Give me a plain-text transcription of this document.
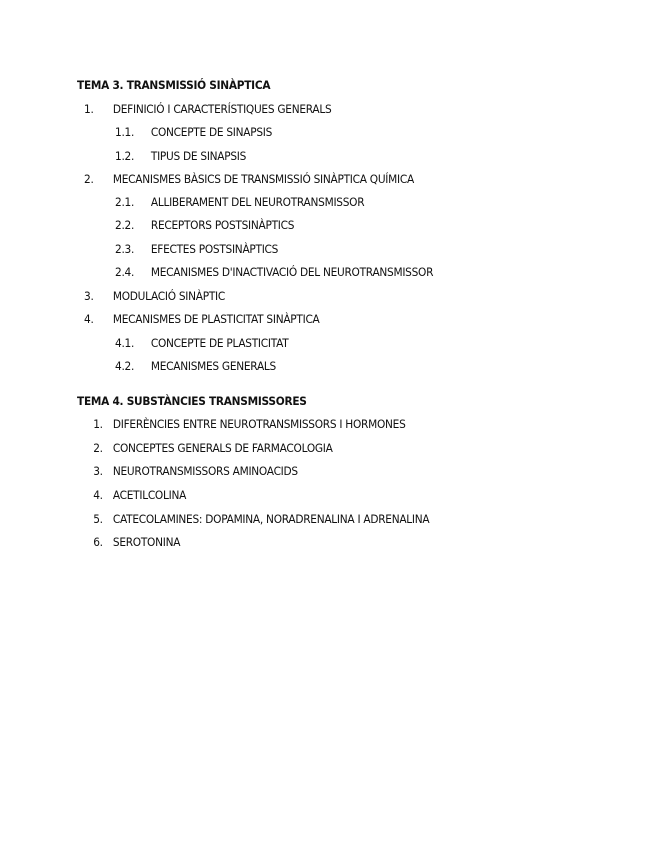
TEMA 3. TRANSMISSIÓ SINÀPTICA
1. DEFINICIÓ I CARACTERÍSTIQUES GENERALS
1.1. CONCEPTE DE SINAPSIS
1.2. TIPUS DE SINAPSIS
2. MECANISMES BÀSICS DE TRANSMISSIÓ SINÀPTICA QUÍMICA
2.1. ALLIBERAMENT DEL NEUROTRANSMISSOR
2.2. RECEPTORS POSTSINÀPTICS
2.3. EFECTES POSTSINÀPTICS
2.4. MECANISMES D'INACTIVACIÓ DEL NEUROTRANSMISSOR
3. MODULACIÓ SINÀPTIC
4. MECANISMES DE PLASTICITAT SINÀPTICA
4.1. CONCEPTE DE PLASTICITAT
4.2. MECANISMES GENERALS
TEMA 4. SUBSTÀNCIES TRANSMISSORES
1. DIFERÈNCIES ENTRE NEUROTRANSMISSORS I HORMONES
2. CONCEPTES GENERALS DE FARMACOLOGIA
3. NEUROTRANSMISSORS AMINOACIDS
4. ACETILCOLINA
5. CATECOLAMINES: DOPAMINA, NORADRENALINA I ADRENALINA
6. SEROTONINA
